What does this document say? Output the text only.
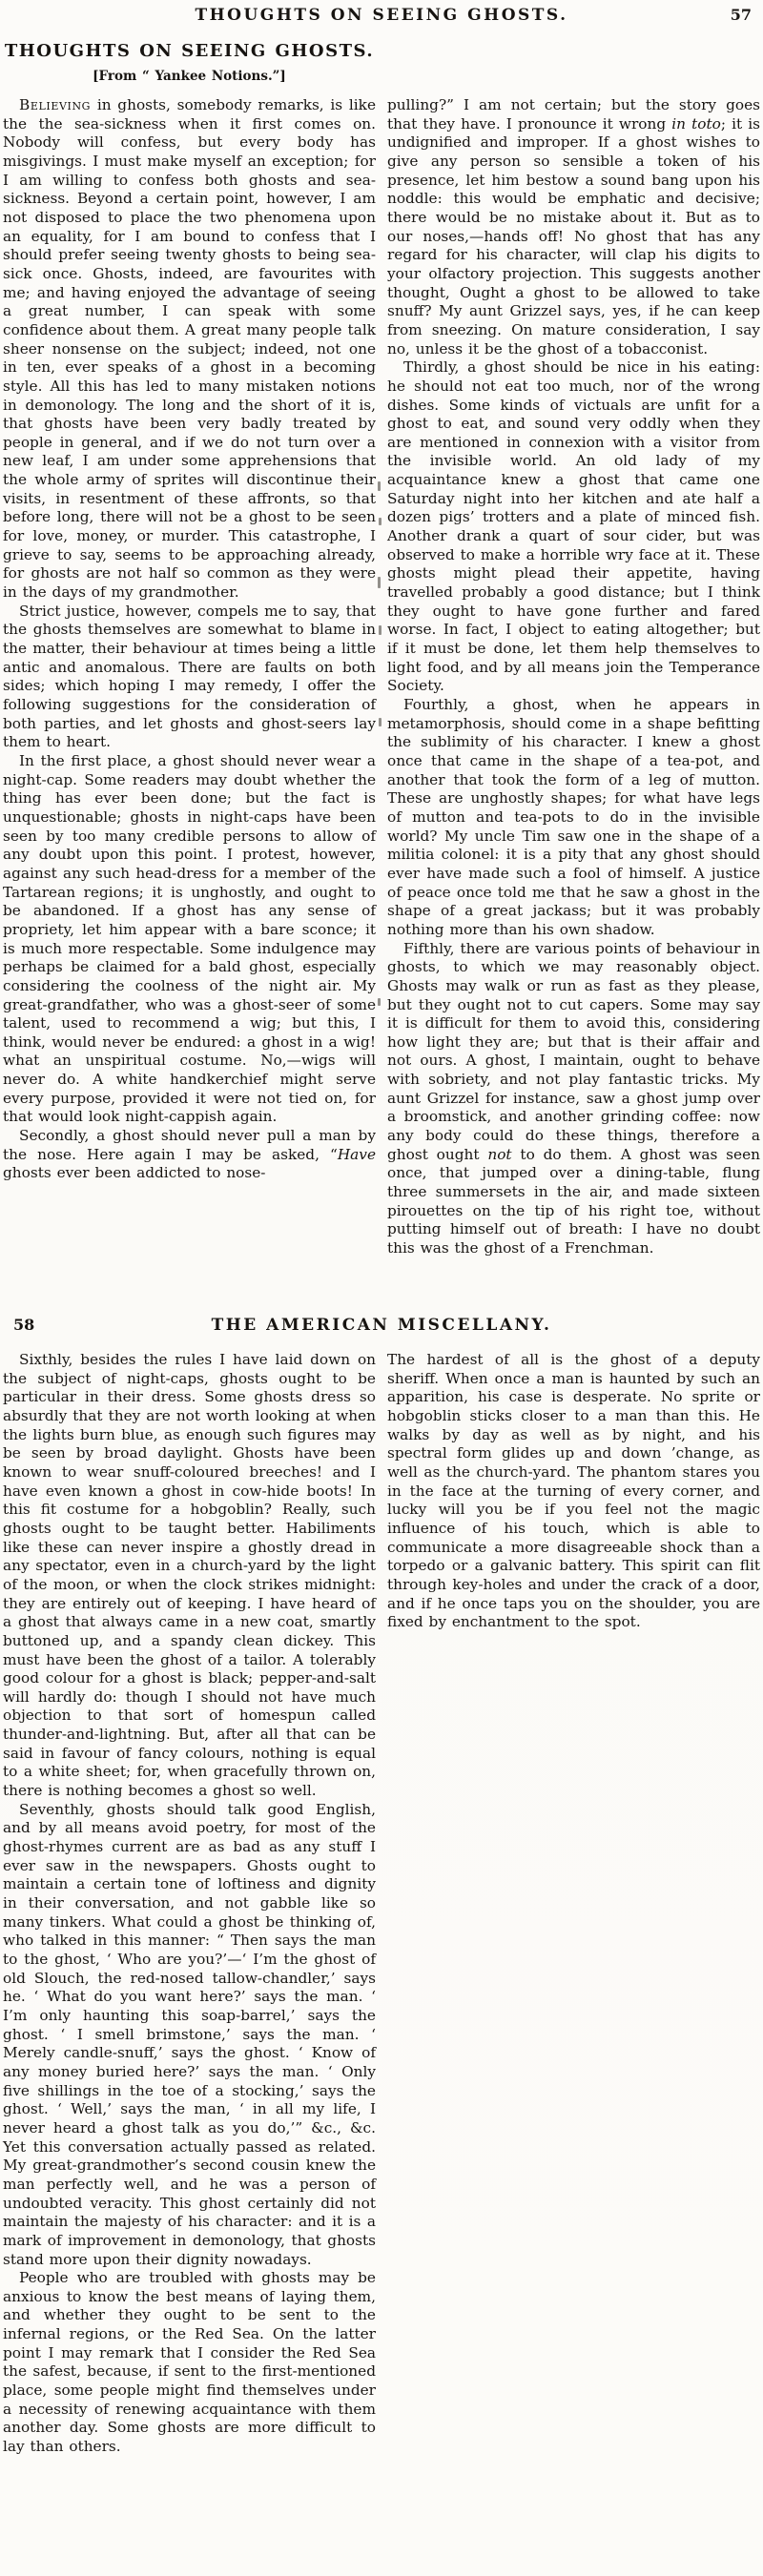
THOUGHTS ON SEEING GHOSTS.	57
THOUGHTS ON SEEING GHOSTS.
[From “ Yankee Notions.”]

Believing in ghosts, somebody remarks, is like the the sea-sickness when it first comes on. Nobody will confess, but every body has misgivings. I must make myself an exception; for I am willing to confess both ghosts and sea-sickness. Beyond a certain point, however, I am not disposed to place the two phenomena upon an equality, for I am bound to confess that I should prefer seeing twenty ghosts to being sea-sick once. Ghosts, indeed, are favourites with me; and having enjoyed the advantage of seeing a great number, I can speak with some confidence about them. A great many people talk sheer nonsense on the subject; indeed, not one in ten, ever speaks of a ghost in a becoming style. All this has led to many mistaken notions in demonology. The long and the short of it is, that ghosts have been very badly treated by people in general, and if we do not turn over a new leaf, I am under some apprehensions that the whole army of sprites will discontinue their visits, in resentment of these affronts, so that before long, there will not be a ghost to be seen for love, money, or murder. This catastrophe, I grieve to say, seems to be approaching already, for ghosts are not half so common as they were in the days of my grandmother.

Strict justice, however, compels me to say, that the ghosts themselves are somewhat to blame in the matter, their behaviour at times being a little antic and anomalous. There are faults on both sides; which hoping I may remedy, I offer the following suggestions for the consideration of both parties, and let ghosts and ghost-seers lay them to heart.

In the first place, a ghost should never wear a night-cap. Some readers may doubt whether the thing has ever been done; but the fact is unquestionable; ghosts in night-caps have been seen by too many credible persons to allow of any doubt upon this point. I protest, however, against any such head-dress for a member of the Tartarean regions; it is unghostly, and ought to be abandoned. If a ghost has any sense of propriety, let him appear with a bare sconce; it is much more respectable. Some indulgence may perhaps be claimed for a bald ghost, especially considering the coolness of the night air. My great-grandfather, who was a ghost-seer of some talent, used to recommend a wig; but this, I think, would never be endured: a ghost in a wig! what an unspiritual costume. No,—wigs will never do. A white handkerchief might serve every purpose, provided it were not tied on, for that would look night-cappish again.

Secondly, a ghost should never pull a man by the nose. Here again I may be asked, “Have ghosts ever been addicted to nose-

pulling?” I am not certain; but the story goes that they have. I pronounce it wrong in toto; it is undignified and improper. If a ghost wishes to give any person so sensible a token of his presence, let him bestow a sound bang upon his noddle: this would be emphatic and decisive; there would be no mistake about it. But as to our noses,—hands off! No ghost that has any regard for his character, will clap his digits to your olfactory projection. This suggests another thought, Ought a ghost to be allowed to take snuff? My aunt Grizzel says, yes, if he can keep from sneezing. On mature consideration, I say no, unless it be the ghost of a tobacconist.

Thirdly, a ghost should be nice in his eating: he should not eat too much, nor of the wrong dishes. Some kinds of victuals are unfit for a ghost to eat, and sound very oddly when they are mentioned in connexion with a visitor from the invisible world. An old lady of my acquaintance knew a ghost that came one Saturday night into her kitchen and ate half a dozen pigs’ trotters and a plate of minced fish. Another drank a quart of sour cider, but was observed to make a horrible wry face at it. These ghosts might plead their appetite, having travelled probably a good distance; but I think they ought to have gone further and fared worse. In fact, I object to eating altogether; but if it must be done, let them help themselves to light food, and by all means join the Temperance Society.

Fourthly, a ghost, when he appears in metamorphosis, should come in a shape befitting the sublimity of his character. I knew a ghost once that came in the shape of a tea-pot, and another that took the form of a leg of mutton. These are unghostly shapes; for what have legs of mutton and tea-pots to do in the invisible world? My uncle Tim saw one in the shape of a militia colonel: it is a pity that any ghost should ever have made such a fool of himself. A justice of peace once told me that he saw a ghost in the shape of a great jackass; but it was probably nothing more than his own shadow.

Fifthly, there are various points of behaviour in ghosts, to which we may reasonably object. Ghosts may walk or run as fast as they please, but they ought not to cut capers. Some may say it is difficult for them to avoid this, considering how light they are; but that is their affair and not ours. A ghost, I maintain, ought to behave with sobriety, and not play fantastic tricks. My aunt Grizzel for instance, saw a ghost jump over a broomstick, and another grinding coffee: now any body could do these things, therefore a ghost ought not to do them. A ghost was seen once, that jumped over a dining-table, flung three summersets in the air, and made sixteen pirouettes on the tip of his right toe, without putting himself out of breath: I have no doubt this was the ghost of a Frenchman.

58	THE AMERICAN MISCELLANY.

Sixthly, besides the rules I have laid down on the subject of night-caps, ghosts ought to be particular in their dress. Some ghosts dress so absurdly that they are not worth looking at when the lights burn blue, as enough such figures may be seen by broad daylight. Ghosts have been known to wear snuff-coloured breeches! and I have even known a ghost in cow-hide boots! In this fit costume for a hobgoblin? Really, such ghosts ought to be taught better. Habiliments like these can never inspire a ghostly dread in any spectator, even in a church-yard by the light of the moon, or when the clock strikes midnight: they are entirely out of keeping. I have heard of a ghost that always came in a new coat, smartly buttoned up, and a spandy clean dickey. This must have been the ghost of a tailor. A tolerably good colour for a ghost is black; pepper-and-salt will hardly do: though I should not have much objection to that sort of homespun called thunder-and-lightning. But, after all that can be said in favour of fancy colours, nothing is equal to a white sheet; for, when gracefully thrown on, there is nothing becomes a ghost so well.

Seventhly, ghosts should talk good English, and by all means avoid poetry, for most of the ghost-rhymes current are as bad as any stuff I ever saw in the newspapers. Ghosts ought to maintain a certain tone of loftiness and dignity in their conversation, and not gabble like so many tinkers. What could a ghost be thinking of, who talked in this manner: “ Then says the man to the ghost, ‘ Who are you?’—‘ I’m the ghost of old Slouch, the red-nosed tallow-chandler,’ says he. ‘ What do you want here?’ says the man. ‘ I’m only haunting this soap-barrel,’ says the ghost. ‘ I smell brimstone,’ says the man. ‘ Merely candle-snuff,’ says the ghost. ‘ Know of any money buried here?’ says the man. ‘ Only five shillings in the toe of a stocking,’ says the ghost. ‘ Well,’ says the man, ‘ in all my life, I never heard a ghost talk as you do,’” &c., &c. Yet this conversation actually passed as related. My great-grandmother’s second cousin knew the man perfectly well, and he was a person of undoubted veracity. This ghost certainly did not maintain the majesty of his character: and it is a mark of improvement in demonology, that ghosts stand more upon their dignity nowadays.

People who are troubled with ghosts may be anxious to know the best means of laying them, and whether they ought to be sent to the infernal regions, or the Red Sea. On the latter point I may remark that I consider the Red Sea the safest, because, if sent to the first-mentioned place, some people might find themselves under a necessity of renewing acquaintance with them another day. Some ghosts are more difficult to lay than others.

The hardest of all is the ghost of a deputy sheriff. When once a man is haunted by such an apparition, his case is desperate. No sprite or hobgoblin sticks closer to a man than this. He walks by day as well as by night, and his spectral form glides up and down ’change, as well as the church-yard. The phantom stares you in the face at the turning of every corner, and lucky will you be if you feel not the magic influence of his touch, which is able to communicate a more disagreeable shock than a torpedo or a galvanic battery. This spirit can flit through key-holes and under the crack of a door, and if he once taps you on the shoulder, you are fixed by enchantment to the spot.
